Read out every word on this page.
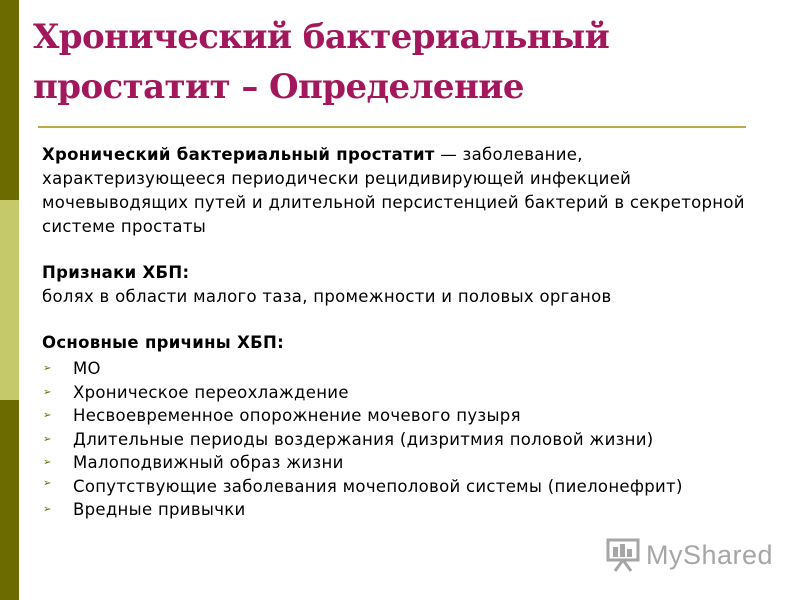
Хронический бактериальный простатит – Определение

Хронический бактериальный простатит — заболевание, характеризующееся периодически рецидивирующей инфекцией мочевыводящих путей и длительной персистенцией бактерий в секреторной системе простаты

Признаки ХБП:

болях в области малого таза, промежности и половых органов

Основные причины ХБП:

➢ МО
➢ Хроническое переохлаждение
➢ Несвоевременное опорожнение мочевого пузыря
➢ Длительные периоды воздержания (дизритмия половой жизни)
➢ Малоподвижный образ жизни
➢ Сопутствующие заболевания мочеполовой системы (пиелонефрит)
➢ Вредные привычки
MyShared
